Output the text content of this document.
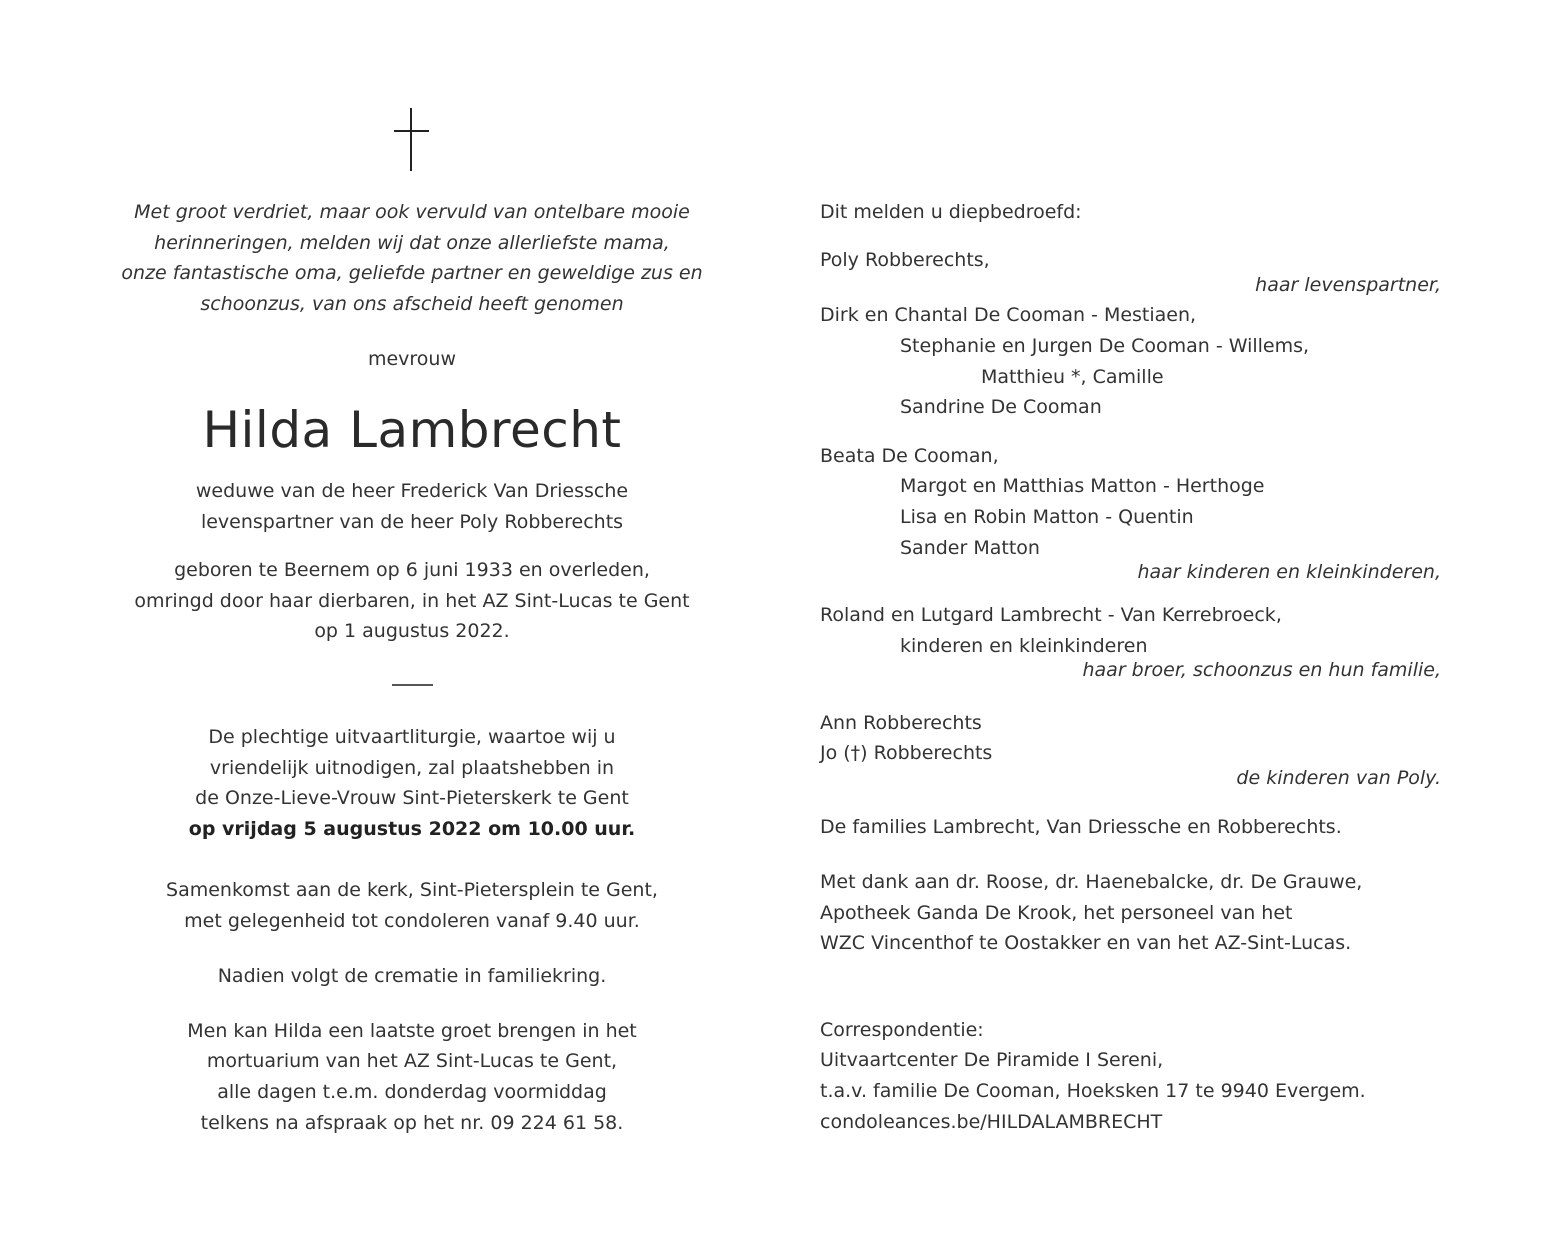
Met groot verdriet, maar ook vervuld van ontelbare mooie
herinneringen, melden wij dat onze allerliefste mama,
onze fantastische oma, geliefde partner en geweldige zus en
schoonzus, van ons afscheid heeft genomen
mevrouw
Hilda Lambrecht
weduwe van de heer Frederick Van Driessche
levenspartner van de heer Poly Robberechts
geboren te Beernem op 6 juni 1933 en overleden,
omringd door haar dierbaren, in het AZ Sint-Lucas te Gent
op 1 augustus 2022.
De plechtige uitvaartliturgie, waartoe wij u
vriendelijk uitnodigen, zal plaatshebben in
de Onze-Lieve-Vrouw Sint-Pieterskerk te Gent
op vrijdag 5 augustus 2022 om 10.00 uur.
Samenkomst aan de kerk, Sint-Pietersplein te Gent,
met gelegenheid tot condoleren vanaf 9.40 uur.
Nadien volgt de crematie in familiekring.
Men kan Hilda een laatste groet brengen in het
mortuarium van het AZ Sint-Lucas te Gent,
alle dagen t.e.m. donderdag voormiddag
telkens na afspraak op het nr. 09 224 61 58.
Dit melden u diepbedroefd:
Poly Robberechts,
haar levenspartner,
Dirk en Chantal De Cooman - Mestiaen,
Stephanie en Jurgen De Cooman - Willems,
Matthieu *, Camille
Sandrine De Cooman
Beata De Cooman,
Margot en Matthias Matton - Herthoge
Lisa en Robin Matton - Quentin
Sander Matton
haar kinderen en kleinkinderen,
Roland en Lutgard Lambrecht - Van Kerrebroeck,
kinderen en kleinkinderen
haar broer, schoonzus en hun familie,
Ann Robberechts
Jo (†) Robberechts
de kinderen van Poly.
De families Lambrecht, Van Driessche en Robberechts.
Met dank aan dr. Roose, dr. Haenebalcke, dr. De Grauwe,
Apotheek Ganda De Krook, het personeel van het
WZC Vincenthof te Oostakker en van het AZ-Sint-Lucas.
Correspondentie:
Uitvaartcenter De Piramide I Sereni,
t.a.v. familie De Cooman, Hoeksken 17 te 9940 Evergem.
condoleances.be/HILDALAMBRECHT
